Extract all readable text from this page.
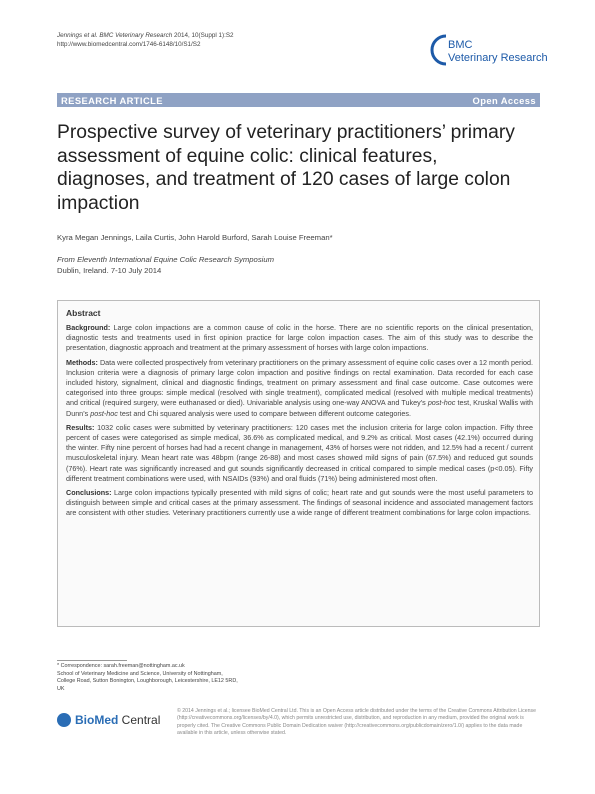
Jennings et al. BMC Veterinary Research 2014, 10(Suppl 1):S2
http://www.biomedcentral.com/1746-6148/10/S1/S2	BMC
Veterinary Research
RESEARCH ARTICLE	Open Access
Prospective survey of veterinary practitioners’ primary assessment of equine colic: clinical features, diagnoses, and treatment of 120 cases of large colon impaction
Kyra Megan Jennings, Laila Curtis, John Harold Burford, Sarah Louise Freeman*
From Eleventh International Equine Colic Research Symposium
Dublin, Ireland. 7-10 July 2014
Abstract

Background: Large colon impactions are a common cause of colic in the horse. There are no scientific reports on the clinical presentation, diagnostic tests and treatments used in first opinion practice for large colon impaction cases. The aim of this study was to describe the presentation, diagnostic approach and treatment at the primary assessment of horses with large colon impactions.

Methods: Data were collected prospectively from veterinary practitioners on the primary assessment of equine colic cases over a 12 month period. Inclusion criteria were a diagnosis of primary large colon impaction and positive findings on rectal examination. Data recorded for each case included history, signalment, clinical and diagnostic findings, treatment on primary assessment and final case outcome. Case outcomes were categorised into three groups: simple medical (resolved with single treatment), complicated medical (resolved with multiple medical treatments) and critical (required surgery, were euthanased or died). Univariable analysis using one-way ANOVA and Tukey’s post-hoc test, Kruskal Wallis with Dunn’s post-hoc test and Chi squared analysis were used to compare between different outcome categories.

Results: 1032 colic cases were submitted by veterinary practitioners: 120 cases met the inclusion criteria for large colon impaction. Fifty three percent of cases were categorised as simple medical, 36.6% as complicated medical, and 9.2% as critical. Most cases (42.1%) occurred during the winter. Fifty nine percent of horses had had a recent change in management, 43% of horses were not ridden, and 12.5% had a recent / current musculoskeletal injury. Mean heart rate was 48bpm (range 26-88) and most cases showed mild signs of pain (67.5%) and reduced gut sounds (76%). Heart rate was significantly increased and gut sounds significantly decreased in critical compared to simple medical cases (p<0.05). Fifty different treatment combinations were used, with NSAIDs (93%) and oral fluids (71%) being administered most often.

Conclusions: Large colon impactions typically presented with mild signs of colic; heart rate and gut sounds were the most useful parameters to distinguish between simple and critical cases at the primary assessment. The findings of seasonal incidence and associated management factors are consistent with other studies. Veterinary practitioners currently use a wide range of different treatment combinations for large colon impactions.

* Correspondence: sarah.freeman@nottingham.ac.uk
School of Veterinary Medicine and Science, University of Nottingham,
College Road, Sutton Bonington, Loughborough, Leicestershire, LE12 5RD,
UK
BioMed Central
© 2014 Jennings et al.; licensee BioMed Central Ltd. This is an Open Access article distributed under the terms of the Creative Commons Attribution License (http://creativecommons.org/licenses/by/4.0), which permits unrestricted use, distribution, and reproduction in any medium, provided the original work is properly cited. The Creative Commons Public Domain Dedication waiver (http://creativecommons.org/publicdomain/zero/1.0/) applies to the data made available in this article, unless otherwise stated.
